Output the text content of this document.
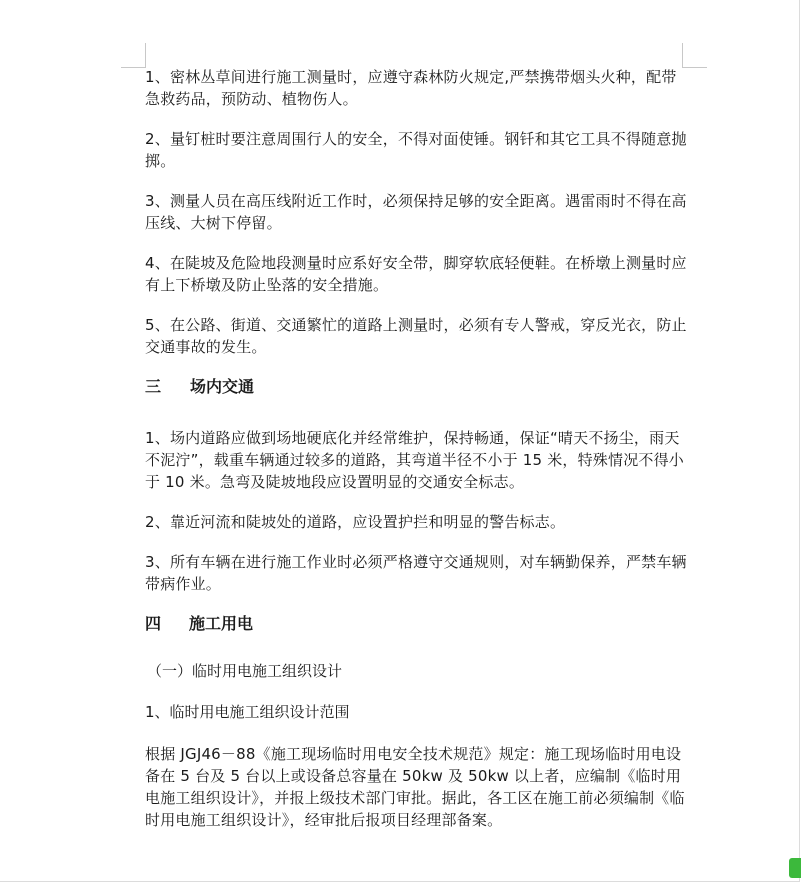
1、密林丛草间进行施工测量时，应遵守森林防火规定,严禁携带烟头火种，配带急救药品，预防动、植物伤人。

2、量钉桩时要注意周围行人的安全，不得对面使锤。钢钎和其它工具不得随意抛掷。

3、测量人员在高压线附近工作时，必须保持足够的安全距离。遇雷雨时不得在高压线、大树下停留。

4、在陡坡及危险地段测量时应系好安全带，脚穿软底轻便鞋。在桥墩上测量时应有上下桥墩及防止坠落的安全措施。

5、在公路、街道、交通繁忙的道路上测量时，必须有专人警戒，穿反光衣，防止交通事故的发生。

三	场内交通

1、场内道路应做到场地硬底化并经常维护，保持畅通，保证“晴天不扬尘，雨天不泥泞”，载重车辆通过较多的道路，其弯道半径不小于 15 米，特殊情况不得小于 10 米。急弯及陡坡地段应设置明显的交通安全标志。

2、靠近河流和陡坡处的道路，应设置护拦和明显的警告标志。

3、所有车辆在进行施工作业时必须严格遵守交通规则，对车辆勤保养，严禁车辆带病作业。

四	施工用电

（一）临时用电施工组织设计

1、临时用电施工组织设计范围

根据 JGJ46－88《施工现场临时用电安全技术规范》规定：施工现场临时用电设备在 5 台及 5 台以上或设备总容量在 50kw 及 50kw 以上者，应编制《临时用电施工组织设计》，并报上级技术部门审批。据此，各工区在施工前必须编制《临时用电施工组织设计》，经审批后报项目经理部备案。
